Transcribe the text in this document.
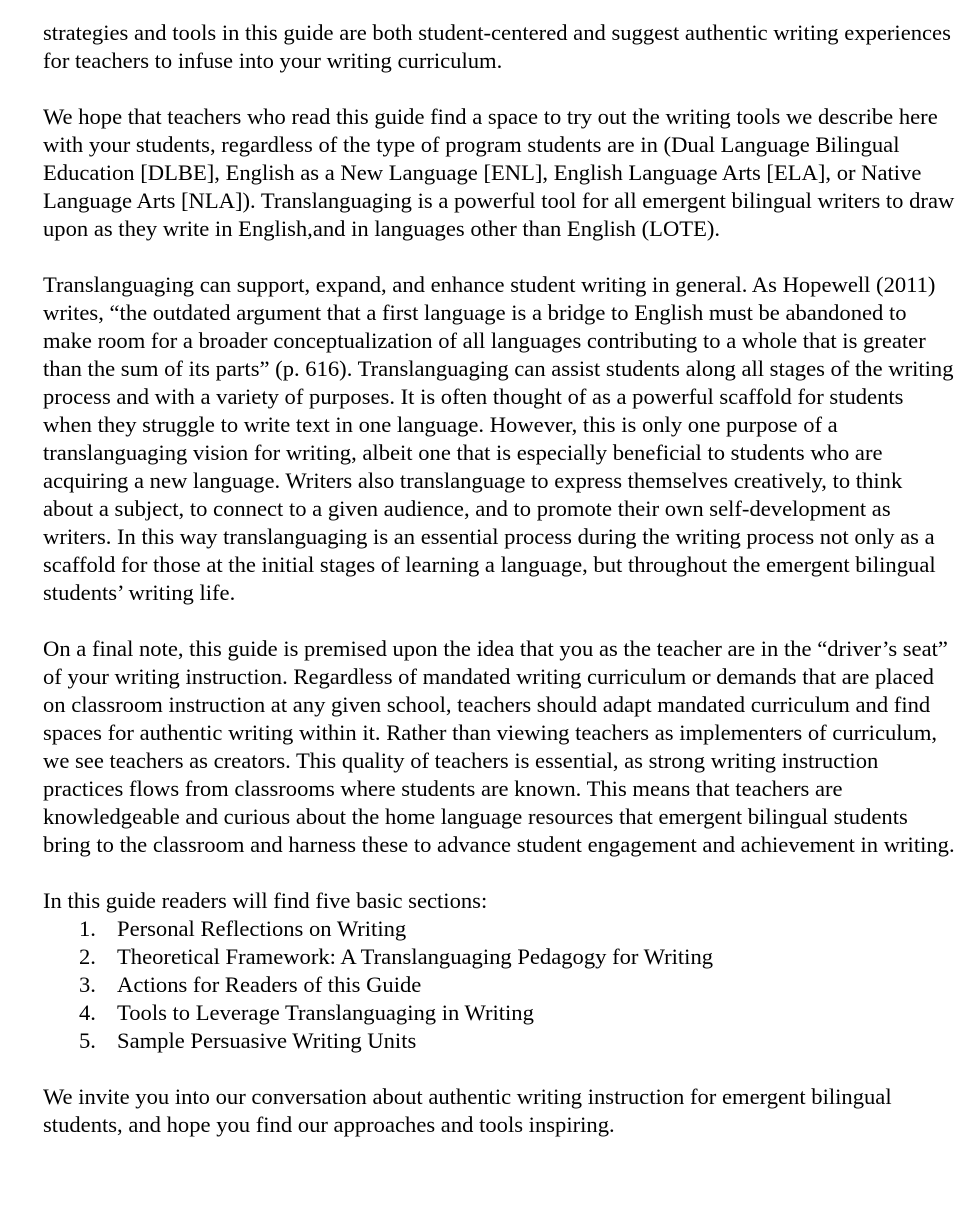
strategies and tools in this guide are both student-centered and suggest authentic writing experiences for teachers to infuse into your writing curriculum.

We hope that teachers who read this guide find a space to try out the writing tools we describe here with your students, regardless of the type of program students are in (Dual Language Bilingual Education [DLBE], English as a New Language [ENL], English Language Arts [ELA], or Native Language Arts [NLA]). Translanguaging is a powerful tool for all emergent bilingual writers to draw upon as they write in English,and in languages other than English (LOTE).

Translanguaging can support, expand, and enhance student writing in general. As Hopewell (2011) writes, “the outdated argument that a first language is a bridge to English must be abandoned to make room for a broader conceptualization of all languages contributing to a whole that is greater than the sum of its parts” (p. 616). Translanguaging can assist students along all stages of the writing process and with a variety of purposes. It is often thought of as a powerful scaffold for students when they struggle to write text in one language. However, this is only one purpose of a translanguaging vision for writing, albeit one that is especially beneficial to students who are acquiring a new language. Writers also translanguage to express themselves creatively, to think about a subject, to connect to a given audience, and to promote their own self-development as writers. In this way translanguaging is an essential process during the writing process not only as a scaffold for those at the initial stages of learning a language, but throughout the emergent bilingual students’ writing life.

On a final note, this guide is premised upon the idea that you as the teacher are in the “driver’s seat” of your writing instruction. Regardless of mandated writing curriculum or demands that are placed on classroom instruction at any given school, teachers should adapt mandated curriculum and find spaces for authentic writing within it. Rather than viewing teachers as implementers of curriculum, we see teachers as creators. This quality of teachers is essential, as strong writing instruction practices flows from classrooms where students are known. This means that teachers are knowledgeable and curious about the home language resources that emergent bilingual students bring to the classroom and harness these to advance student engagement and achievement in writing.

In this guide readers will find five basic sections:

1. Personal Reflections on Writing
2. Theoretical Framework: A Translanguaging Pedagogy for Writing
3. Actions for Readers of this Guide
4. Tools to Leverage Translanguaging in Writing
5. Sample Persuasive Writing Units

We invite you into our conversation about authentic writing instruction for emergent bilingual students, and hope you find our approaches and tools inspiring.
